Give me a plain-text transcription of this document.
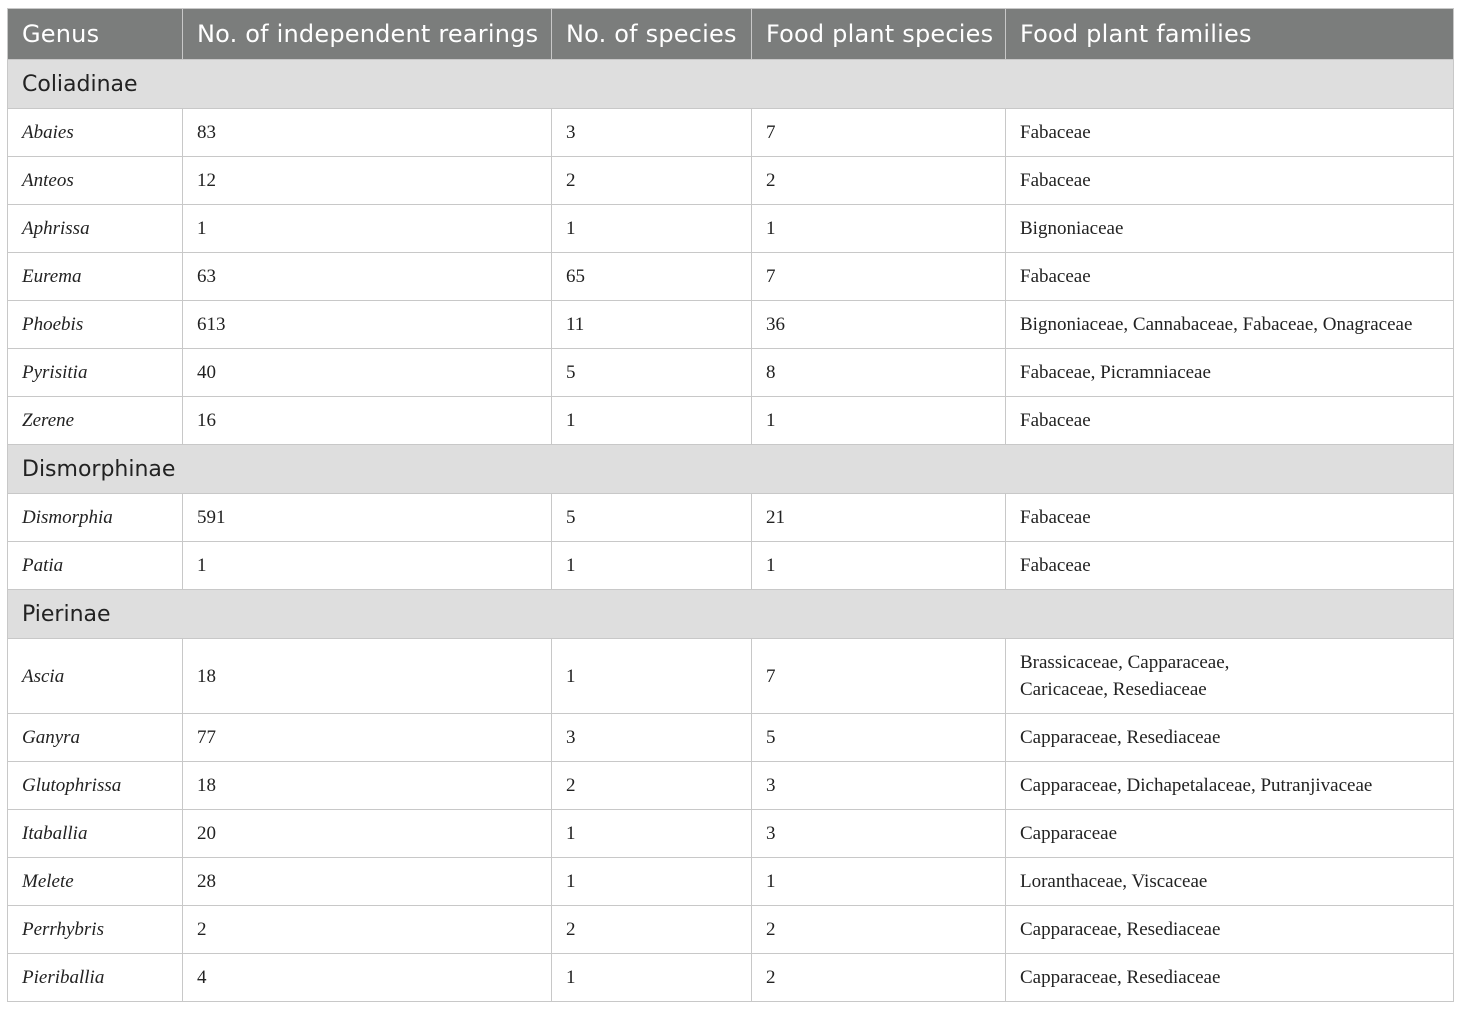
Genus	No. of independent rearings	No. of species	Food plant species	Food plant families
Coliadinae				
Abaies	83	3	7	Fabaceae
Anteos	12	2	2	Fabaceae
Aphrissa	1	1	1	Bignoniaceae
Eurema	63	65	7	Fabaceae
Phoebis	613	11	36	Bignoniaceae, Cannabaceae, Fabaceae, Onagraceae
Pyrisitia	40	5	8	Fabaceae, Picramniaceae
Zerene	16	1	1	Fabaceae
Dismorphinae				
Dismorphia	591	5	21	Fabaceae
Patia	1	1	1	Fabaceae
Pierinae				
Ascia	18	1	7	Brassicaceae, Capparaceae,
Caricaceae, Resediaceae
Ganyra	77	3	5	Capparaceae, Resediaceae
Glutophrissa	18	2	3	Capparaceae, Dichapetalaceae, Putranjivaceae
Itaballia	20	1	3	Capparaceae
Melete	28	1	1	Loranthaceae, Viscaceae
Perrhybris	2	2	2	Capparaceae, Resediaceae
Pieriballia	4	1	2	Capparaceae, Resediaceae
